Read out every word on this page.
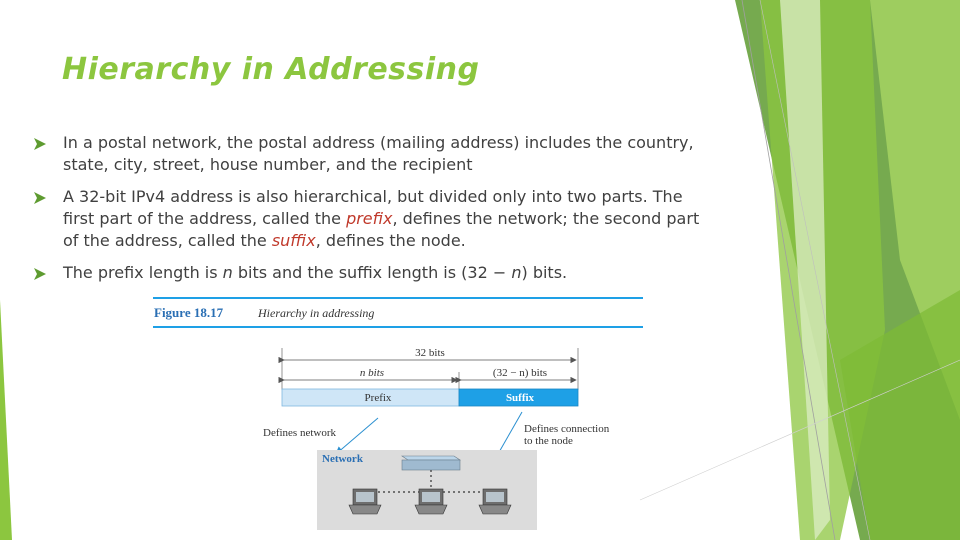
Hierarchy in Addressing
In a postal network, the postal address (mailing address) includes the country, state, city, street, house number, and the recipient
A 32-bit IPv4 address is also hierarchical, but divided only into two parts. The first part of the address, called the prefix, defines the network; the second part of the address, called the suffix, defines the node.
The prefix length is n bits and the suffix length is (32 − n) bits.
Figure 18.17	Hierarchy in addressing
32 bits
n bits	(32 − n) bits
Prefix	Suffix
Defines network	Defines connection
to the node
Network
